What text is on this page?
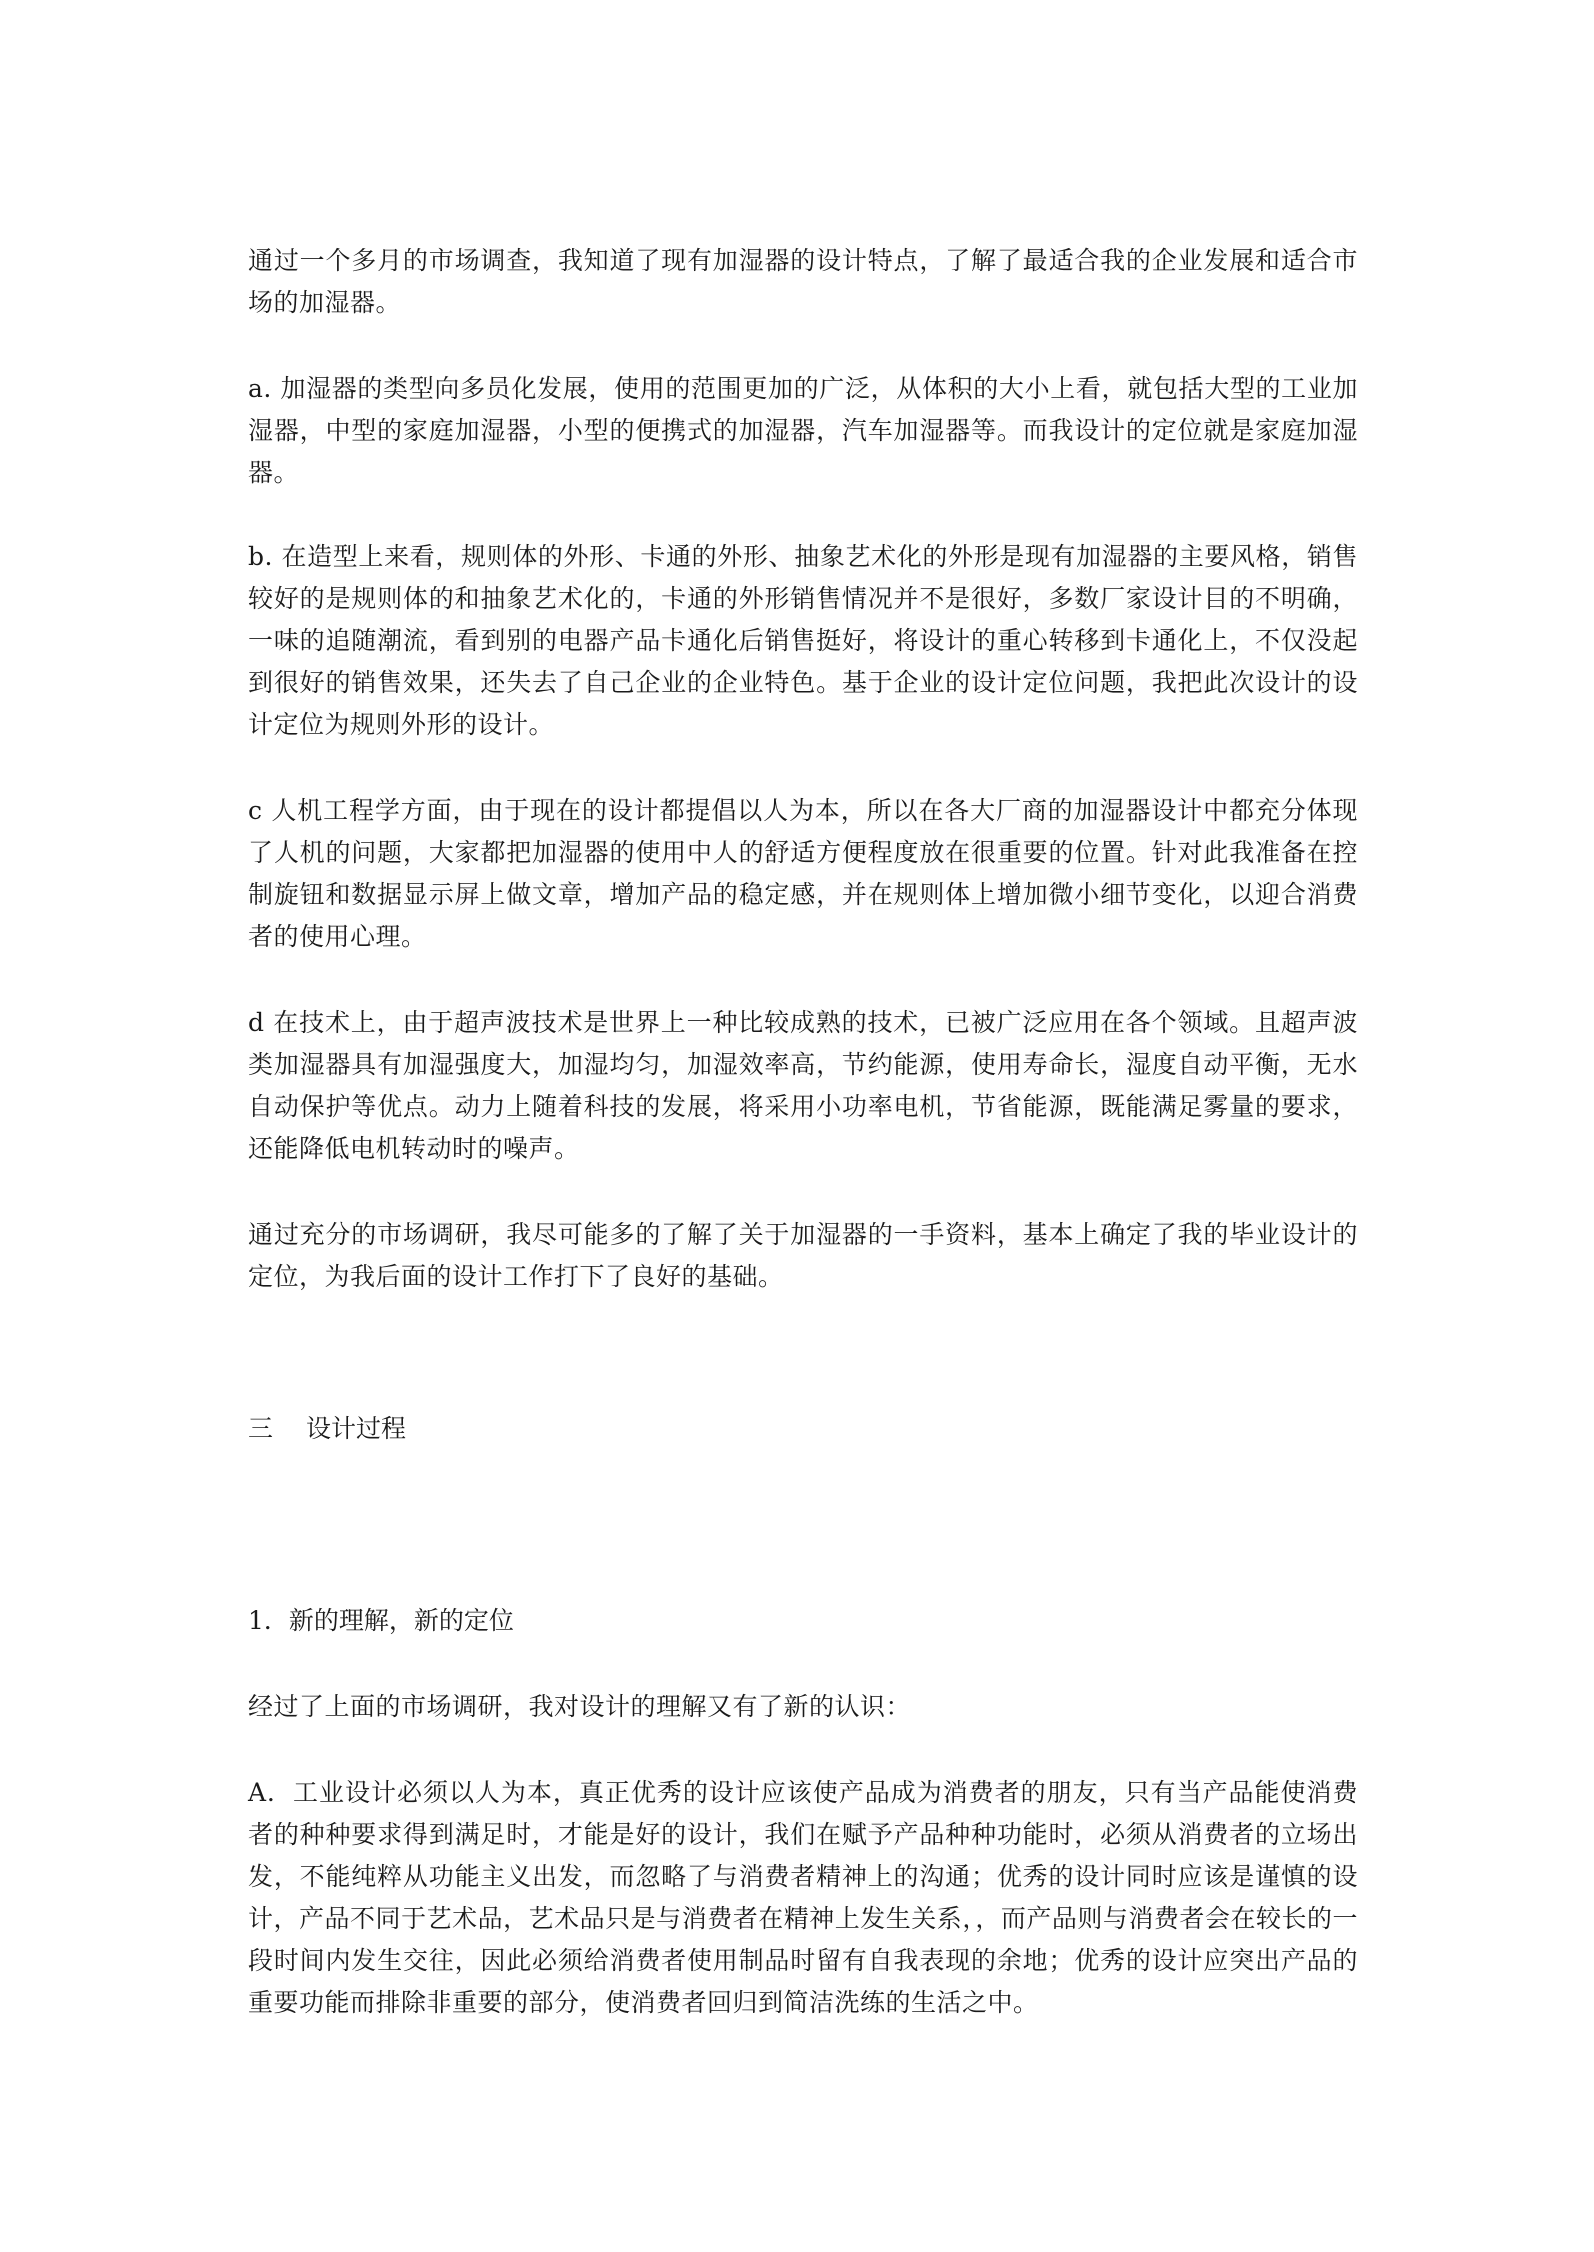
通过一个多月的市场调查，我知道了现有加湿器的设计特点，了解了最适合我的企业发展和适合市场的加湿器。

a. 加湿器的类型向多员化发展，使用的范围更加的广泛，从体积的大小上看，就包括大型的工业加湿器，中型的家庭加湿器，小型的便携式的加湿器，汽车加湿器等。而我设计的定位就是家庭加湿器。

b. 在造型上来看，规则体的外形、卡通的外形、抽象艺术化的外形是现有加湿器的主要风格，销售较好的是规则体的和抽象艺术化的，卡通的外形销售情况并不是很好，多数厂家设计目的不明确，一味的追随潮流，看到别的电器产品卡通化后销售挺好，将设计的重心转移到卡通化上，不仅没起到很好的销售效果，还失去了自己企业的企业特色。基于企业的设计定位问题，我把此次设计的设计定位为规则外形的设计。

c 人机工程学方面，由于现在的设计都提倡以人为本，所以在各大厂商的加湿器设计中都充分体现了人机的问题，大家都把加湿器的使用中人的舒适方便程度放在很重要的位置。针对此我准备在控制旋钮和数据显示屏上做文章，增加产品的稳定感，并在规则体上增加微小细节变化，以迎合消费者的使用心理。

d 在技术上，由于超声波技术是世界上一种比较成熟的技术，已被广泛应用在各个领域。且超声波类加湿器具有加湿强度大，加湿均匀，加湿效率高，节约能源，使用寿命长，湿度自动平衡，无水自动保护等优点。动力上随着科技的发展，将采用小功率电机，节省能源，既能满足雾量的要求，还能降低电机转动时的噪声。

通过充分的市场调研，我尽可能多的了解了关于加湿器的一手资料，基本上确定了我的毕业设计的定位，为我后面的设计工作打下了良好的基础。

三 设计过程
1．新的理解，新的定位

经过了上面的市场调研，我对设计的理解又有了新的认识：

A．工业设计必须以人为本，真正优秀的设计应该使产品成为消费者的朋友，只有当产品能使消费者的种种要求得到满足时，才能是好的设计，我们在赋予产品种种功能时，必须从消费者的立场出发，不能纯粹从功能主义出发，而忽略了与消费者精神上的沟通；优秀的设计同时应该是谨慎的设计，产品不同于艺术品，艺术品只是与消费者在精神上发生关系，，而产品则与消费者会在较长的一段时间内发生交往，因此必须给消费者使用制品时留有自我表现的余地；优秀的设计应突出产品的重要功能而排除非重要的部分，使消费者回归到简洁洗练的生活之中。
